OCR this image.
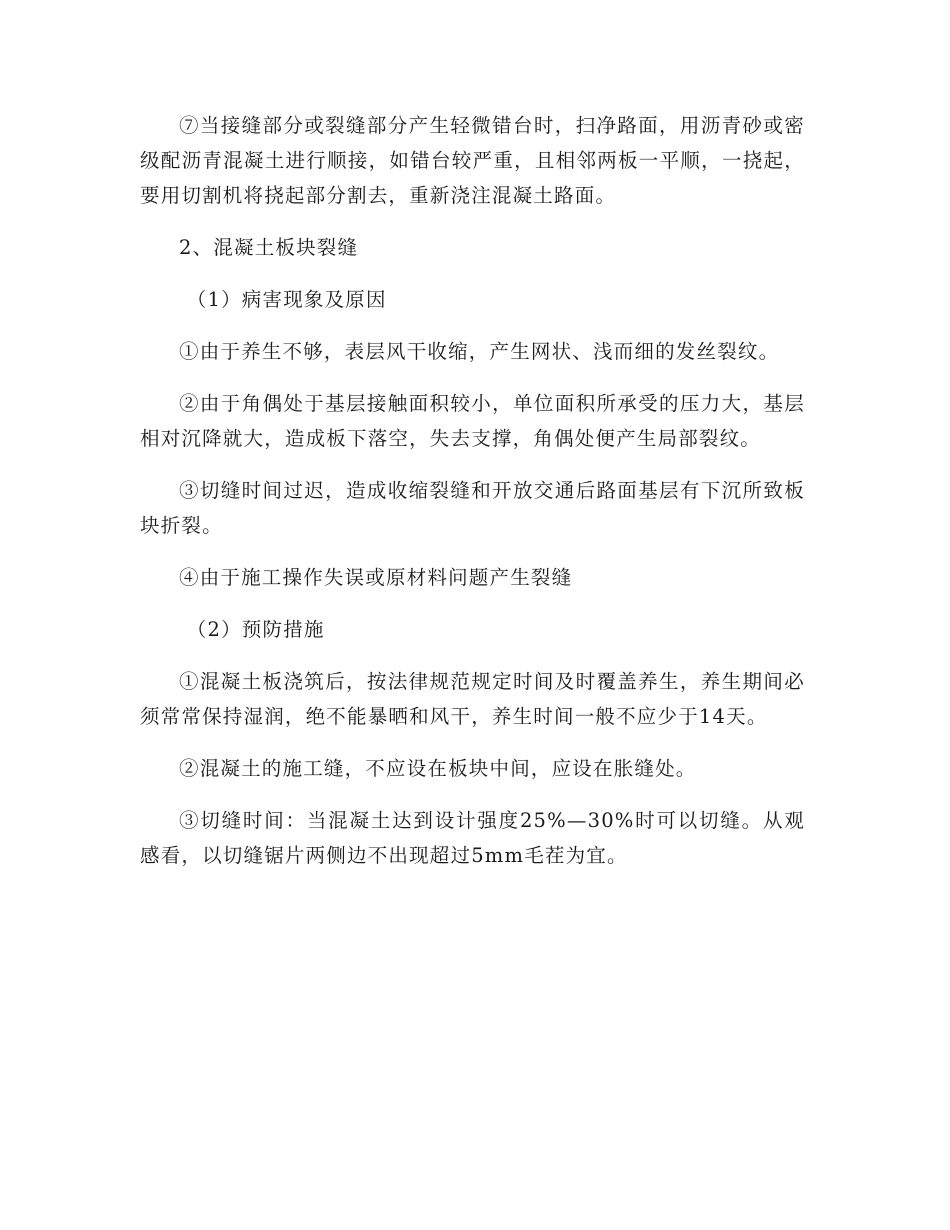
⑦当接缝部分或裂缝部分产生轻微错台时，扫净路面，用沥青砂或密级配沥青混凝土进行顺接，如错台较严重，且相邻两板一平顺，一挠起，要用切割机将挠起部分割去，重新浇注混凝土路面。

2、混凝土板块裂缝

（1）病害现象及原因

①由于养生不够，表层风干收缩，产生网状、浅而细的发丝裂纹。

②由于角偶处于基层接触面积较小，单位面积所承受的压力大，基层相对沉降就大，造成板下落空，失去支撑，角偶处便产生局部裂纹。

③切缝时间过迟，造成收缩裂缝和开放交通后路面基层有下沉所致板块折裂。

④由于施工操作失误或原材料问题产生裂缝

（2）预防措施

①混凝土板浇筑后，按法律规范规定时间及时覆盖养生，养生期间必须常常保持湿润，绝不能暴晒和风干，养生时间一般不应少于14天。

②混凝土的施工缝，不应设在板块中间，应设在胀缝处。

③切缝时间：当混凝土达到设计强度25%—30%时可以切缝。从观感看，以切缝锯片两侧边不出现超过5mm毛茬为宜。
